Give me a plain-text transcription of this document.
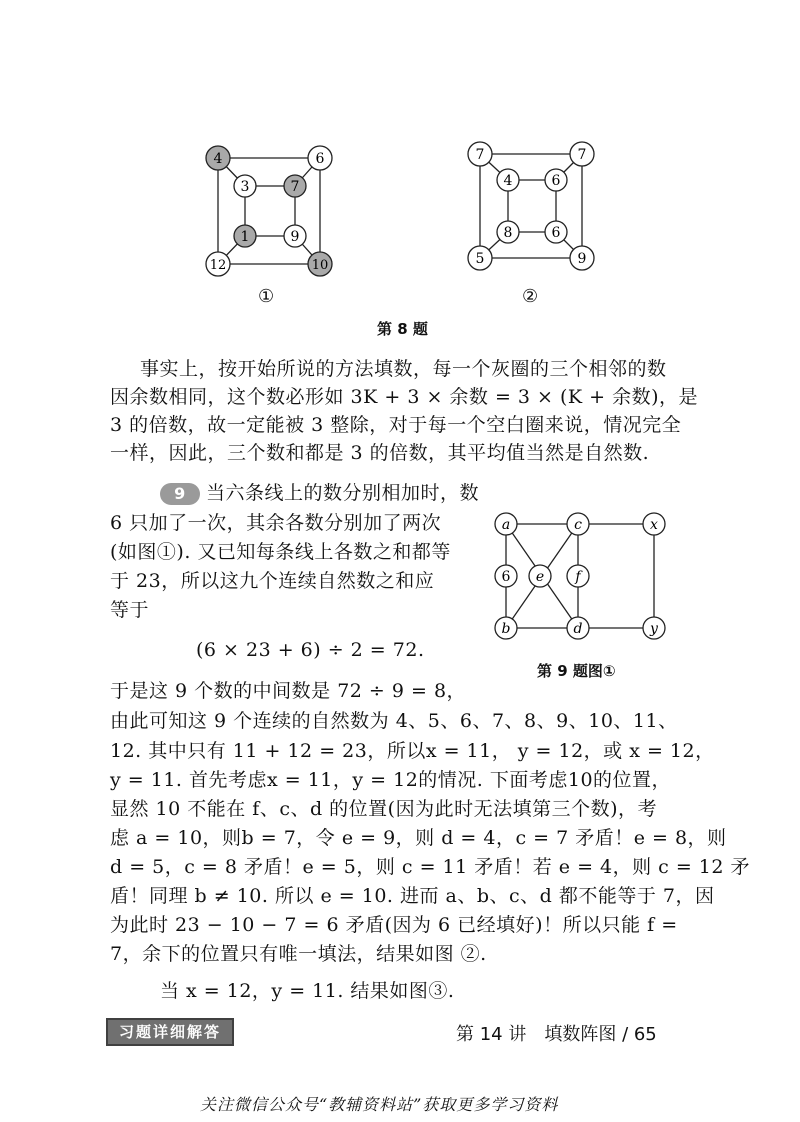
4	6
12	10
3	7
1	9
①
7	7
5	9
4	6
8	6
②
第 8 题
事实上，按开始所说的方法填数，每一个灰圈的三个相邻的数
因余数相同，这个数必形如 3K + 3 × 余数 = 3 × (K + 余数)，是
3 的倍数，故一定能被 3 整除，对于每一个空白圈来说，情况完全
一样，因此，三个数和都是 3 的倍数，其平均值当然是自然数.
9 当六条线上的数分别相加时，数
6 只加了一次，其余各数分别加了两次
(如图①). 又已知每条线上各数之和都等
于 23，所以这九个连续自然数之和应
等于
(6 × 23 + 6) ÷ 2 = 72.
a	c	x
6 e f
b	d	y
第 9 题图①
于是这 9 个数的中间数是 72 ÷ 9 = 8，
由此可知这 9 个连续的自然数为 4、5、6、7、8、9、10、11、
12. 其中只有 11 + 12 = 23，所以x = 11， y = 12，或 x = 12，
y = 11. 首先考虑x = 11，y = 12的情况. 下面考虑10的位置，
显然 10 不能在 f、c、d 的位置(因为此时无法填第三个数)，考
虑 a = 10，则b = 7，令 e = 9，则 d = 4，c = 7 矛盾！e = 8，则
d = 5，c = 8 矛盾！e = 5，则 c = 11 矛盾！若 e = 4，则 c = 12 矛
盾！同理 b ≠ 10. 所以 e = 10. 进而 a、b、c、d 都不能等于 7，因
为此时 23 − 10 − 7 = 6 矛盾(因为 6 已经填好)！所以只能 f =
7，余下的位置只有唯一填法，结果如图 ②.
当 x = 12，y = 11. 结果如图③.
习题详细解答	第 14 讲　填数阵图 / 65
关注微信公众号“教辅资料站”获取更多学习资料
